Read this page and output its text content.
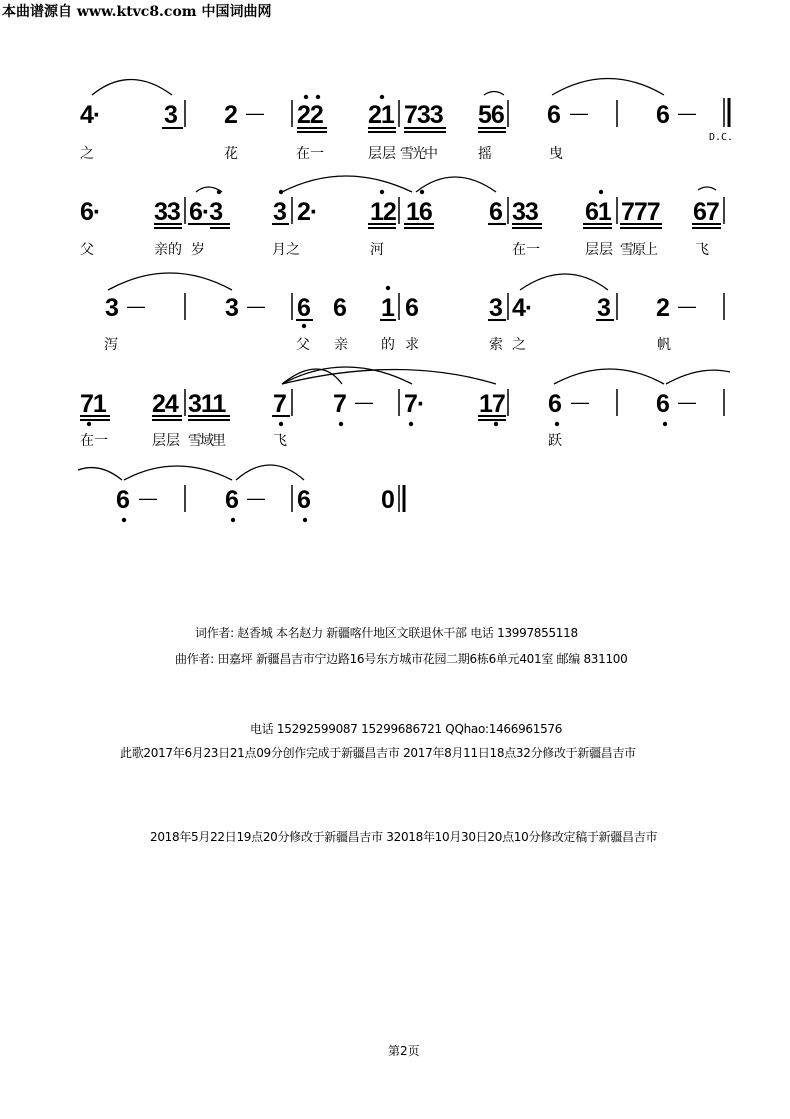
本曲谱源自 www.ktvc8.com 中国词曲网
4·	3 2 — 22 21 733 56 6 —	6 —
D.C.
之	花	在一	层层 雪光中	摇	曳
6· 33 6·3 3 2· 12 16 6 33 61 777 67
父	亲的 岁	月之	河	在一	层层 雪原上	飞
3 —	3 — 6 6 1 6	3 4·	3 2 —
泻	父 亲 的 求	索 之	帆
71 24 311 7 7 — 7· 17 6 —	6 —
在一	层层 雪域里	飞	跃
6 —	6 — 6	0
词作者: 赵香城 本名赵力 新疆喀什地区文联退休干部 电话 13997855118
曲作者: 田嘉坪 新疆昌吉市宁边路16号东方城市花园二期6栋6单元401室 邮编 831100
电话 15292599087 15299686721 QQhao:1466961576
此歌2017年6月23日21点09分创作完成于新疆昌吉市 2017年8月11日18点32分修改于新疆昌吉市
2018年5月22日19点20分修改于新疆昌吉市 32018年10月30日20点10分修改定稿于新疆昌吉市
第2页
